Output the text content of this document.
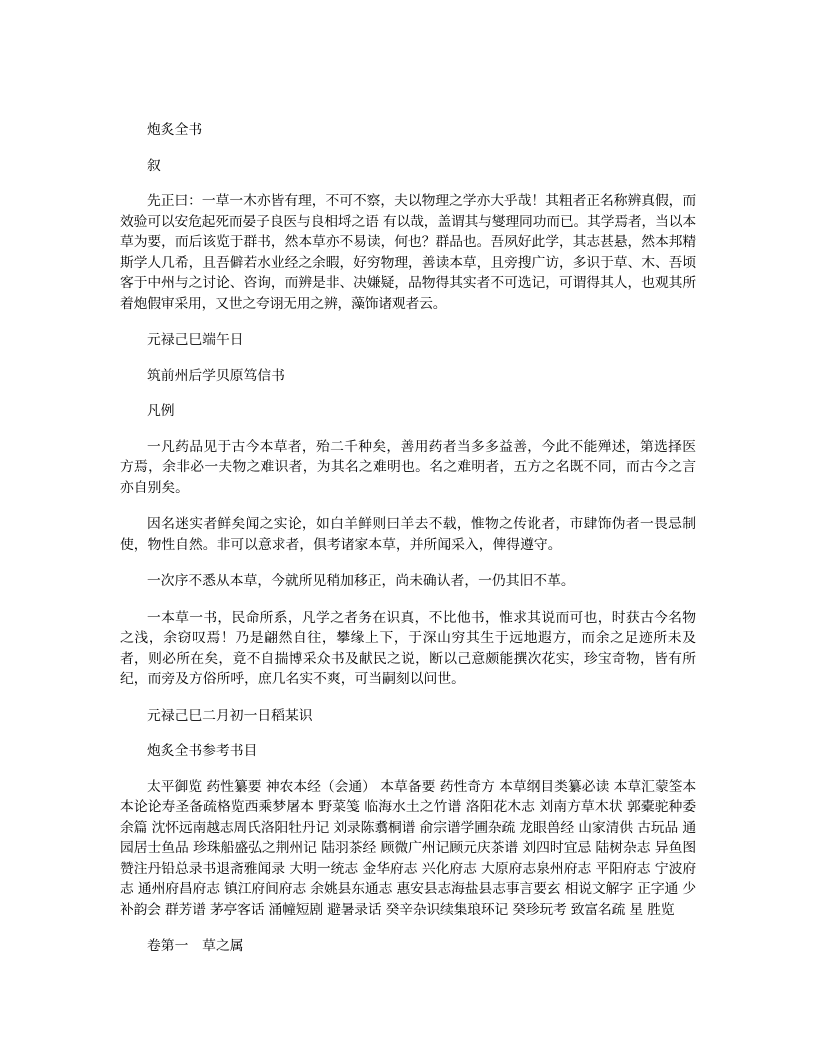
炮炙全书

叙

先正曰：一草一木亦皆有理，不可不察，夫以物理之学亦大乎哉！其粗者正名称辨真假，而效验可以安危起死而晏子良医与良相埒之语 有以哉，盖谓其与燮理同功而已。其学焉者，当以本草为要，而后该览于群书，然本草亦不易读，何也？群品也。吾夙好此学，其志甚悬，然本邦精斯学人几希，且吾僻若水业经之余暇，好穷物理，善读本草，且旁搜广访，多识于草、木、吾顷客于中州与之讨论、咨询，而辨是非、决嫌疑，品物得其实者不可选记，可谓得其人，也观其所着炮假审采用，又世之夸诩无用之辨，藻饰诸观者云。

元禄己巳端午日

筑前州后学贝原笃信书

凡例

一凡药品见于古今本草者，殆二千种矣，善用药者当多多益善，今此不能殚述，第选择医方焉，余非必一夫物之难识者，为其名之难明也。名之难明者，五方之名既不同，而古今之言亦自别矣。

因名迷实者鲜矣闻之实论，如白羊鲜则曰羊去不载，惟物之传讹者，市肆饰伪者一畏忌制使，物性自然。非可以意求者，俱考诸家本草，并所闻采入，俾得遵守。

一次序不悉从本草，今就所见稍加移正，尚未确认者，一仍其旧不革。

一本草一书，民命所系，凡学之者务在识真，不比他书，惟求其说而可也，时获古今名物之浅，余窃叹焉！乃是翩然自往，攀缘上下，于深山穷其生于远地遐方，而余之足迹所未及者，则必所在矣，竟不自揣博采众书及献民之说，断以己意颇能撰次花实，珍宝奇物，皆有所纪，而旁及方俗所呼，庶几名实不爽，可当嗣刻以问世。

元禄己巳二月初一日稻某识

炮炙全书参考书目

太平御览 药性纂要 神农本经（会通） 本草备要 药性奇方 本草纲目类纂必读 本草汇蒙筌本本论论寿圣备疏格览西乘梦屠本 野菜笺 临海水土之竹谱 洛阳花木志 刘南方草木状 郭橐驼种委余篇 沈怀远南越志周氏洛阳牡丹记 刘录陈翥桐谱 俞宗谱学圃杂疏 龙眼兽经 山家清供 古玩品 通园居士鱼品 珍珠船盛弘之荆州记 陆羽茶经 顾微广州记顾元庆茶谱 刘四时宜忌 陆树杂志 异鱼图赞注丹铅总录书退斋雅闻录 大明一统志 金华府志 兴化府志 大原府志泉州府志 平阳府志 宁波府志 通州府昌府志 镇江府间府志 余姚县东通志 惠安县志海盐县志事言要玄 相说文解字 正字通 少补韵会 群芳谱 茅亭客话 涌幢短剧 避暑录话 癸辛杂识续集琅环记 癸珍玩考 致富名疏 星 胜览

卷第一　草之属
